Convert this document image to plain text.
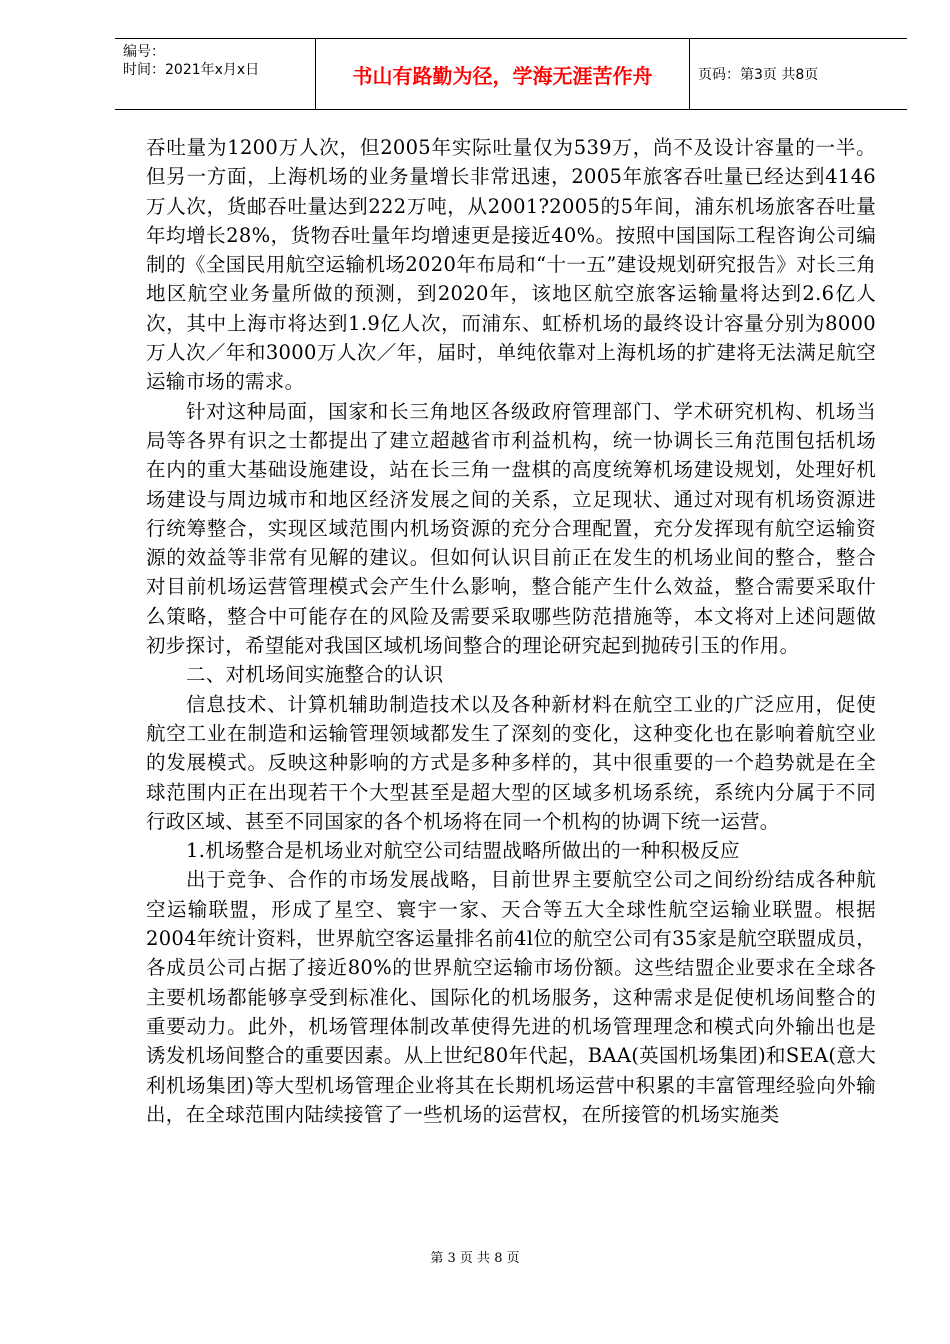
编号：
时间：2021年x月x日	书山有路勤为径，学海无涯苦作舟	页码：第3页 共8页

吞吐量为1200万人次，但2005年实际吐量仅为539万，尚不及设计容量的一半。但另一方面，上海机场的业务量增长非常迅速，2005年旅客吞吐量已经达到4146万人次，货邮吞吐量达到222万吨，从2001?2005的5年间，浦东机场旅客吞吐量年均增长28%，货物吞吐量年均增速更是接近40%。按照中国国际工程咨询公司编制的《全国民用航空运输机场2020年布局和“十一五”建设规划研究报告》对长三角地区航空业务量所做的预测，到2020年，该地区航空旅客运输量将达到2.6亿人次，其中上海市将达到1.9亿人次，而浦东、虹桥机场的最终设计容量分别为8000万人次／年和3000万人次／年，届时，单纯依靠对上海机场的扩建将无法满足航空运输市场的需求。

针对这种局面，国家和长三角地区各级政府管理部门、学术研究机构、机场当局等各界有识之士都提出了建立超越省市利益机构，统一协调长三角范围包括机场在内的重大基础设施建设，站在长三角一盘棋的高度统筹机场建设规划，处理好机场建设与周边城市和地区经济发展之间的关系，立足现状、通过对现有机场资源进行统筹整合，实现区域范围内机场资源的充分合理配置，充分发挥现有航空运输资源的效益等非常有见解的建议。但如何认识目前正在发生的机场业间的整合，整合对目前机场运营管理模式会产生什么影响，整合能产生什么效益，整合需要采取什么策略，整合中可能存在的风险及需要采取哪些防范措施等，本文将对上述问题做初步探讨，希望能对我国区域机场间整合的理论研究起到抛砖引玉的作用。

二、对机场间实施整合的认识

信息技术、计算机辅助制造技术以及各种新材料在航空工业的广泛应用，促使航空工业在制造和运输管理领域都发生了深刻的变化，这种变化也在影响着航空业的发展模式。反映这种影响的方式是多种多样的，其中很重要的一个趋势就是在全球范围内正在出现若干个大型甚至是超大型的区域多机场系统，系统内分属于不同行政区域、甚至不同国家的各个机场将在同一个机构的协调下统一运营。

1.机场整合是机场业对航空公司结盟战略所做出的一种积极反应

出于竞争、合作的市场发展战略，目前世界主要航空公司之间纷纷结成各种航空运输联盟，形成了星空、寰宇一家、天合等五大全球性航空运输业联盟。根据2004年统计资料，世界航空客运量排名前4l位的航空公司有35家是航空联盟成员，各成员公司占据了接近80%的世界航空运输市场份额。这些结盟企业要求在全球各主要机场都能够享受到标准化、国际化的机场服务，这种需求是促使机场间整合的重要动力。此外，机场管理体制改革使得先进的机场管理理念和模式向外输出也是诱发机场间整合的重要因素。从上世纪80年代起，BAA(英国机场集团)和SEA(意大利机场集团)等大型机场管理企业将其在长期机场运营中积累的丰富管理经验向外输出，在全球范围内陆续接管了一些机场的运营权，在所接管的机场实施类

第 3 页 共 8 页
